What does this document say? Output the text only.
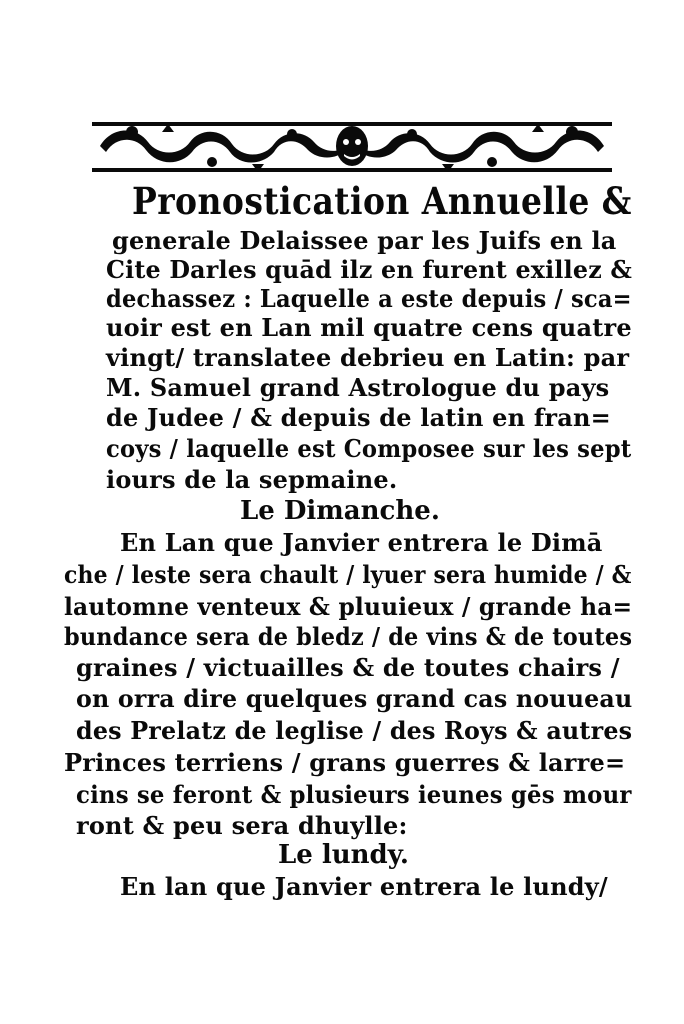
Pronostication Annuelle &
generale Delaissee par les Juifs en la
Cite Darles quād ilz en furent exillez &
dechassez : Laquelle a este depuis / sca=
uoir est en Lan mil quatre cens quatre
vingt/ translatee debrieu en Latin: par
M. Samuel grand Astrologue du pays
de Judee / & depuis de latin en fran=
coys / laquelle est Composee sur les sept
iours de la sepmaine.
Le Dimanche.
En Lan que Janvier entrera le Dimā
che / leste sera chault / lyuer sera humide / &
lautomne venteux & pluuieux / grande ha=
bundance sera de bledz / de vins & de toutes
graines / victuailles & de toutes chairs /
on orra dire quelques grand cas nouueau
des Prelatz de leglise / des Roys & autres
Princes terriens / grans guerres & larre=
cins se feront & plusieurs ieunes gēs mour
ront & peu sera dhuylle:
Le lundy.
En lan que Janvier entrera le lundy/
